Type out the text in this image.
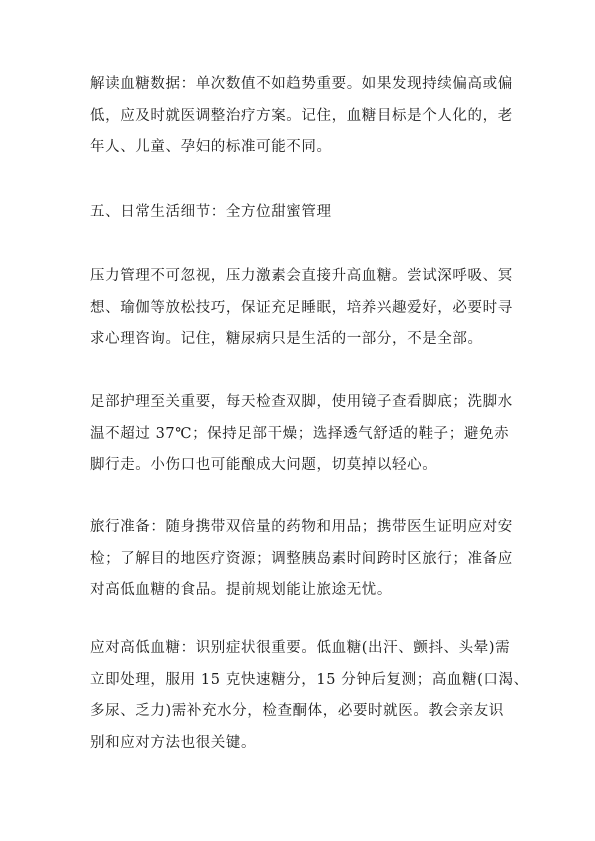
解读血糖数据：单次数值不如趋势重要。如果发现持续偏高或偏
低，应及时就医调整治疗方案。记住，血糖目标是个人化的，老
年人、儿童、孕妇的标准可能不同。

五、日常生活细节：全方位甜蜜管理

压力管理不可忽视，压力激素会直接升高血糖。尝试深呼吸、冥
想、瑜伽等放松技巧，保证充足睡眠，培养兴趣爱好，必要时寻
求心理咨询。记住，糖尿病只是生活的一部分，不是全部。

足部护理至关重要，每天检查双脚，使用镜子查看脚底；洗脚水
温不超过 37℃；保持足部干燥；选择透气舒适的鞋子；避免赤
脚行走。小伤口也可能酿成大问题，切莫掉以轻心。

旅行准备：随身携带双倍量的药物和用品；携带医生证明应对安
检；了解目的地医疗资源；调整胰岛素时间跨时区旅行；准备应
对高低血糖的食品。提前规划能让旅途无忧。

应对高低血糖：识别症状很重要。低血糖(出汗、颤抖、头晕)需
立即处理，服用 15 克快速糖分，15 分钟后复测；高血糖(口渴、
多尿、乏力)需补充水分，检查酮体，必要时就医。教会亲友识
别和应对方法也很关键。
